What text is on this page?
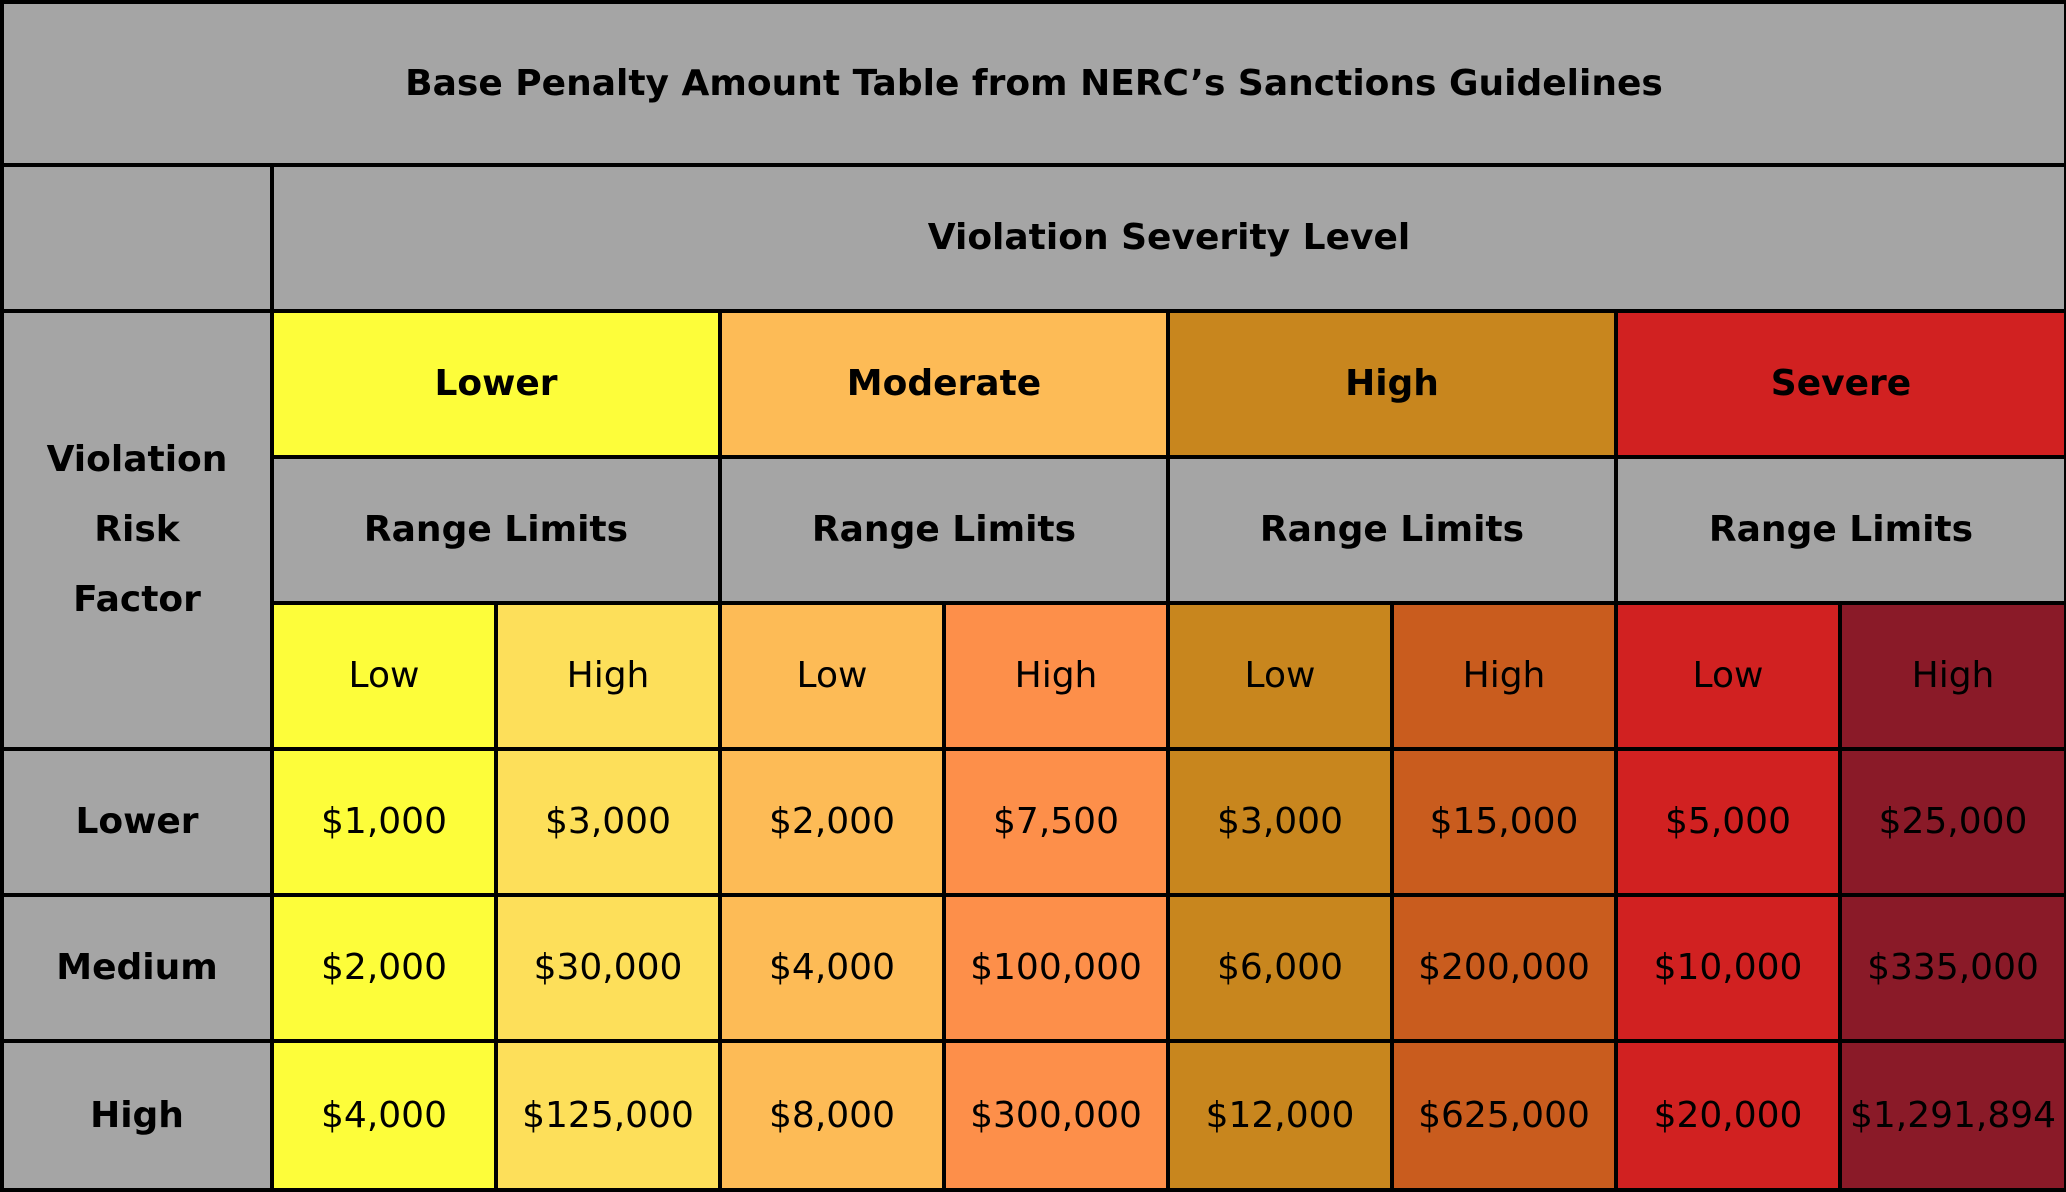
Base Penalty Amount Table from NERC’s Sanctions Guidelines								
	Violation Severity Level							

Violation
Risk
Factor	Lower		Moderate		High		Severe	
	Range Limits		Range Limits		Range Limits		Range Limits	
	Low	High	Low	High	Low	High	Low	High
Lower	$1,000	$3,000	$2,000	$7,500	$3,000	$15,000	$5,000	$25,000
Medium	$2,000	$30,000	$4,000	$100,000	$6,000	$200,000	$10,000	$335,000
High	$4,000	$125,000	$8,000	$300,000	$12,000	$625,000	$20,000	$1,291,894
